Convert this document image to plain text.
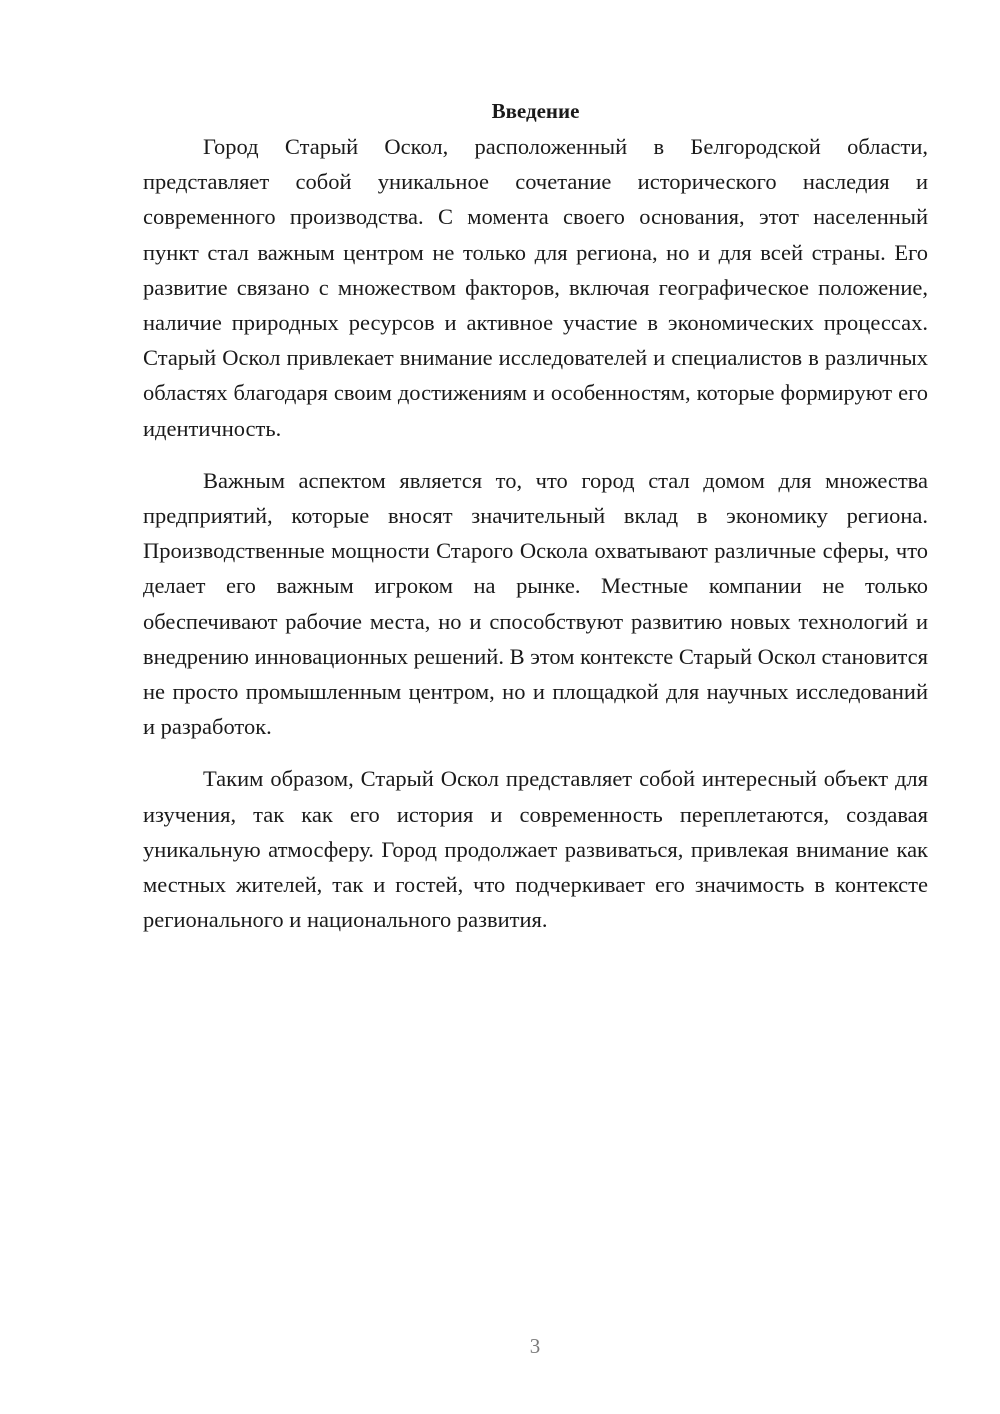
Введение

Город Старый Оскол, расположенный в Белгородской области, представляет собой уникальное сочетание исторического наследия и современного производства. С момента своего основания, этот населенный пункт стал важным центром не только для региона, но и для всей страны. Его развитие связано с множеством факторов, включая географическое положение, наличие природных ресурсов и активное участие в экономических процессах. Старый Оскол привлекает внимание исследователей и специалистов в различных областях благодаря своим достижениям и особенностям, которые формируют его идентичность.

Важным аспектом является то, что город стал домом для множества предприятий, которые вносят значительный вклад в экономику региона. Производственные мощности Старого Оскола охватывают различные сферы, что делает его важным игроком на рынке. Местные компании не только обеспечивают рабочие места, но и способствуют развитию новых технологий и внедрению инновационных решений. В этом контексте Старый Оскол становится не просто промышленным центром, но и площадкой для научных исследований и разработок.

Таким образом, Старый Оскол представляет собой интересный объект для изучения, так как его история и современность переплетаются, создавая уникальную атмосферу. Город продолжает развиваться, привлекая внимание как местных жителей, так и гостей, что подчеркивает его значимость в контексте регионального и национального развития.

3
